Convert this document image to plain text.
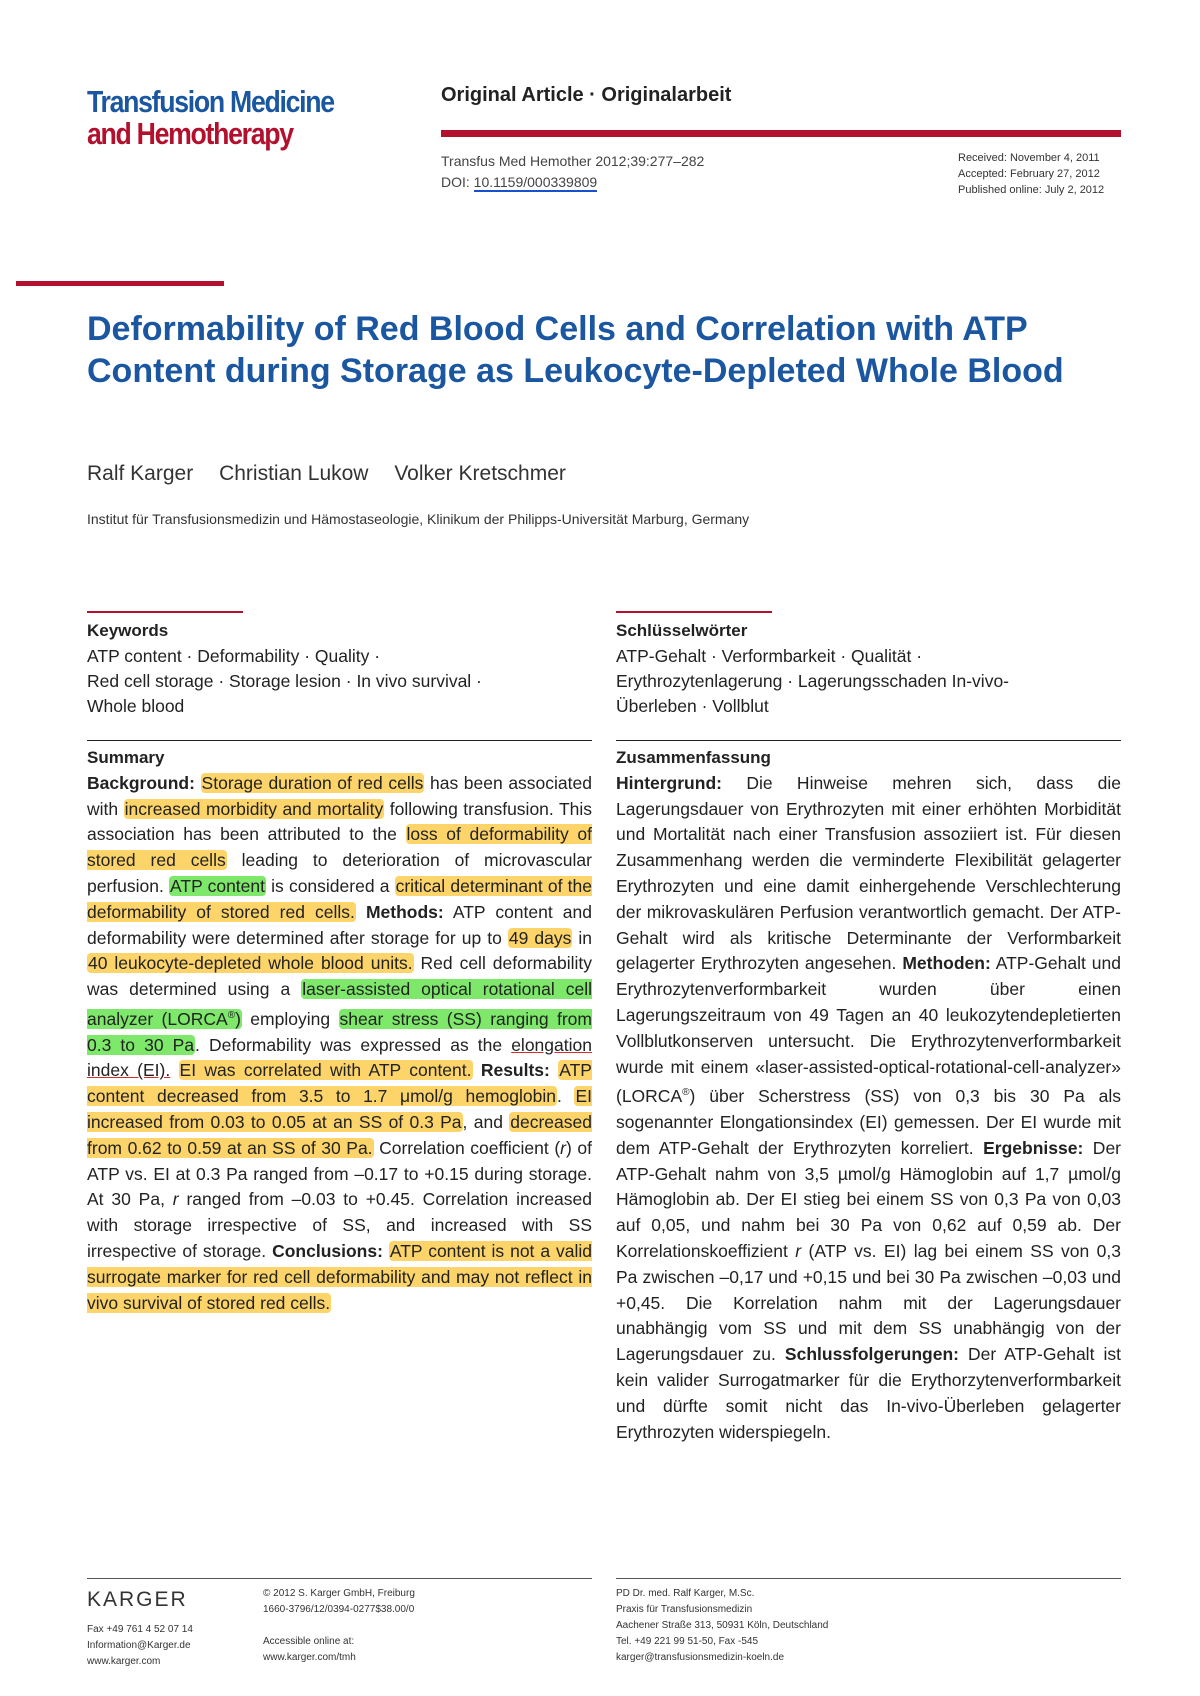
Transfusion Medicine
and Hemotherapy
Original Article · Originalarbeit
Transfus Med Hemother 2012;39:277–282
DOI: 10.1159/000339809
Received: November 4, 2011
Accepted: February 27, 2012
Published online: July 2, 2012
Deformability of Red Blood Cells and Correlation with ATP Content during Storage as Leukocyte-Depleted Whole Blood
Ralf Karger Christian Lukow Volker Kretschmer
Institut für Transfusionsmedizin und Hämostaseologie, Klinikum der Philipps-Universität Marburg, Germany
Keywords
ATP content · Deformability · Quality ·
Red cell storage · Storage lesion · In vivo survival ·
Whole blood
Schlüsselwörter
ATP-Gehalt · Verformbarkeit · Qualität ·
Erythrozytenlagerung · Lagerungsschaden In-vivo-
Überleben · Vollblut
Summary
Background: Storage duration of red cells has been associated with increased morbidity and mortality following transfusion. This association has been attributed to the loss of deformability of stored red cells leading to deterioration of microvascular perfusion. ATP content is considered a critical determinant of the deformability of stored red cells. Methods: ATP content and deformability were determined after storage for up to 49 days in 40 leukocyte-depleted whole blood units. Red cell deformability was determined using a laser-assisted optical rotational cell analyzer (LORCA®) employing shear stress (SS) ranging from 0.3 to 30 Pa. Deformability was expressed as the elongation index (EI). EI was correlated with ATP content. Results: ATP content decreased from 3.5 to 1.7 μmol/g hemoglobin. EI increased from 0.03 to 0.05 at an SS of 0.3 Pa, and decreased from 0.62 to 0.59 at an SS of 30 Pa. Correlation coefficient (r) of ATP vs. EI at 0.3 Pa ranged from –0.17 to +0.15 during storage. At 30 Pa, r ranged from –0.03 to +0.45. Correlation increased with storage irrespective of SS, and increased with SS irrespective of storage. Conclusions: ATP content is not a valid surrogate marker for red cell deformability and may not reflect in vivo survival of stored red cells.
Zusammenfassung
Hintergrund: Die Hinweise mehren sich, dass die Lagerungsdauer von Erythrozyten mit einer erhöhten Morbidität und Mortalität nach einer Transfusion assoziiert ist. Für diesen Zusammenhang werden die verminderte Flexibilität gelagerter Erythrozyten und eine damit einhergehende Verschlechterung der mikrovaskulären Perfusion verantwortlich gemacht. Der ATP-Gehalt wird als kritische Determinante der Verformbarkeit gelagerter Erythrozyten angesehen. Methoden: ATP-Gehalt und Erythrozytenverformbarkeit wurden über einen Lagerungszeitraum von 49 Tagen an 40 leukozytendepletierten Vollblutkonserven untersucht. Die Erythrozytenverformbarkeit wurde mit einem «laser-assisted-optical-rotational-cell-analyzer» (LORCA®) über Scherstress (SS) von 0,3 bis 30 Pa als sogenannter Elongationsindex (EI) gemessen. Der EI wurde mit dem ATP-Gehalt der Erythrozyten korreliert. Ergebnisse: Der ATP-Gehalt nahm von 3,5 µmol/g Hämoglobin auf 1,7 µmol/g Hämoglobin ab. Der EI stieg bei einem SS von 0,3 Pa von 0,03 auf 0,05, und nahm bei 30 Pa von 0,62 auf 0,59 ab. Der Korrelationskoeffizient r (ATP vs. EI) lag bei einem SS von 0,3 Pa zwischen –0,17 und +0,15 und bei 30 Pa zwischen –0,03 und +0,45. Die Korrelation nahm mit der Lagerungsdauer unabhängig vom SS und mit dem SS unabhängig von der Lagerungsdauer zu. Schlussfolgerungen: Der ATP-Gehalt ist kein valider Surrogatmarker für die Erythorzytenverformbarkeit und dürfte somit nicht das In-vivo-Überleben gelagerter Erythrozyten widerspiegeln.
KARGER
Fax +49 761 4 52 07 14
Information@Karger.de
www.karger.com
© 2012 S. Karger GmbH, Freiburg
1660-3796/12/0394-0277$38.00/0
Accessible online at:
www.karger.com/tmh
PD Dr. med. Ralf Karger, M.Sc.
Praxis für Transfusionsmedizin
Aachener Straße 313, 50931 Köln, Deutschland
Tel. +49 221 99 51-50, Fax -545
karger@transfusionsmedizin-koeln.de
